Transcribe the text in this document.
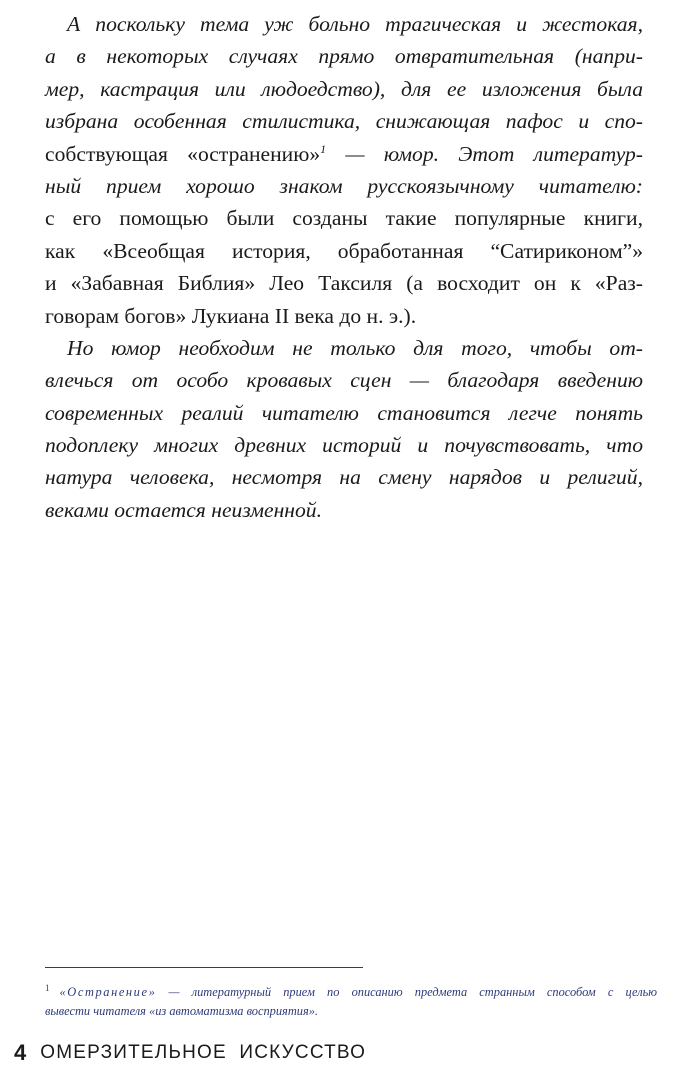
А поскольку тема уж больно трагическая и жестокая,
а в некоторых случаях прямо отвратительная (напри-
мер, кастрация или людоедство), для ее изложения была
избрана особенная стилистика, снижающая пафос и спо-
собствующая «остранению»$^1$ — юмор. Этот литератур-
ный прием хорошо знаком русскоязычному читателю:
с его помощью были созданы такие популярные книги,
как «Всеобщая история, обработанная “Сатириконом”»
и «Забавная Библия» Лео Таксиля (а восходит он к «Раз-
говорам богов» Лукиана II века до н. э.).
Но юмор необходим не только для того, чтобы от-
влечься от особо кровавых сцен — благодаря введению
современных реалий читателю становится легче понять
подоплеку многих древних историй и почувствовать, что
натура человека, несмотря на смену нарядов и религий,
веками остается неизменной.
$^1$ «Остранение» — литературный прием по описанию предмета странным способом с целью
вывести читателя «из автоматизма восприятия».
4 ОМЕРЗИТЕЛЬНОЕ ИСКУССТВО
